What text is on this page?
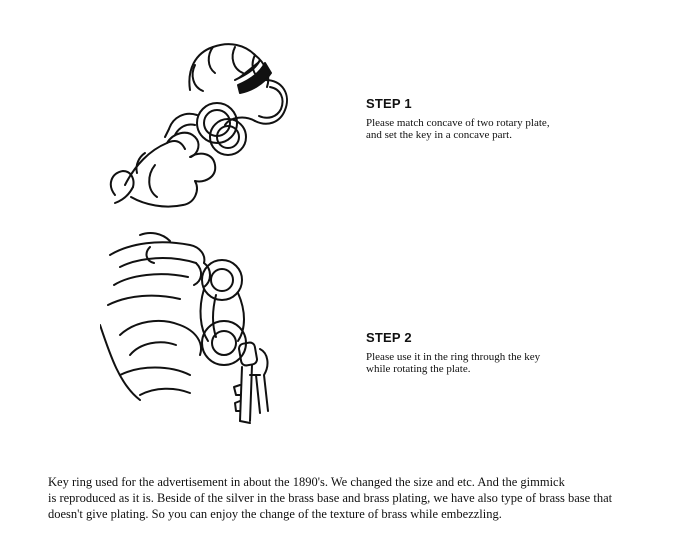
STEP 1

Please match concave of two rotary plate,
and set the key in a concave part.

STEP 2

Please use it in the ring through the key
while rotating the plate.

Key ring used for the advertisement in about the 1890's. We changed the size and etc. And the gimmick

is reproduced as it is. Beside of the silver in the brass base and brass plating, we have also type of brass base that

doesn't give plating. So you can enjoy the change of the texture of brass while embezzling.
